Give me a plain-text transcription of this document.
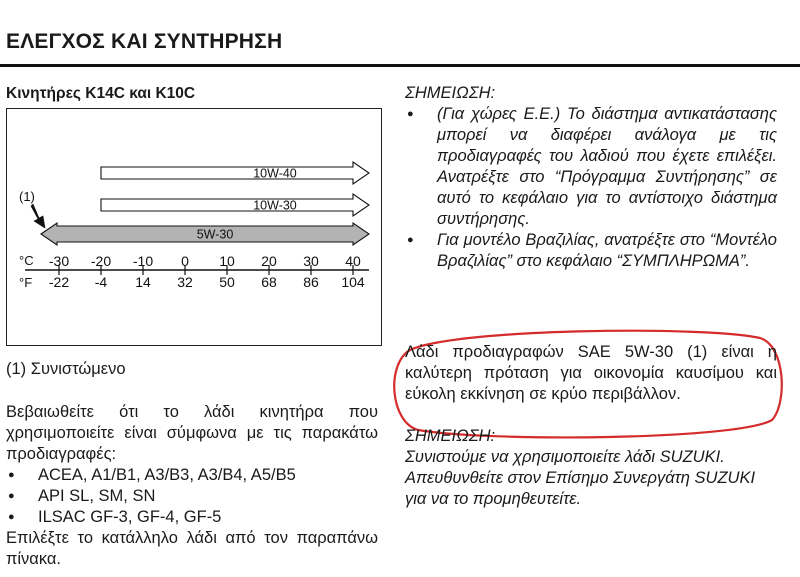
ΕΛΕΓΧΟΣ ΚΑΙ ΣΥΝΤΗΡΗΣΗ
Κινητήρες K14C και K10C
10W-40
10W-30
5W-30
(1)
°C
°F
-30
-22
-20
-4
-10
14
0
32
10
50
20
68
30
86
40
104
(1) Συνιστώμενο
Βεβαιωθείτε ότι το λάδι κινητήρα που χρησιμοποιείτε είναι σύμφωνα με τις παρακάτω προδιαγραφές:
● ACEA, A1/B1, A3/B3, A3/B4, A5/B5
● API SL, SM, SN
● ILSAC GF-3, GF-4, GF-5
Επιλέξτε το κατάλληλο λάδι από τον παραπάνω πίνακα.
ΣΗΜΕΙΩΣΗ:
● (Για χώρες Ε.Ε.) Το διάστημα αντικατάστασης μπορεί να διαφέρει ανάλογα με τις προδιαγραφές του λαδιού που έχετε επιλέξει. Ανατρέξτε στο “Πρόγραμμα Συντήρησης” σε αυτό το κεφάλαιο για το αντίστοιχο διάστημα συντήρησης.
● Για μοντέλο Βραζιλίας, ανατρέξτε στο “Μοντέλο Βραζιλίας” στο κεφάλαιο “ΣΥΜΠΛΗΡΩΜΑ”.
Λάδι προδιαγραφών SAE 5W-30 (1) είναι η καλύτερη πρόταση για οικονομία καυσίμου και εύκολη εκκίνηση σε κρύο περιβάλλον.
ΣΗΜΕΙΩΣΗ:
Συνιστούμε να χρησιμοποιείτε λάδι SUZUKI. Απευθυνθείτε στον Επίσημο Συνεργάτη SUZUKI για να το προμηθευτείτε.
